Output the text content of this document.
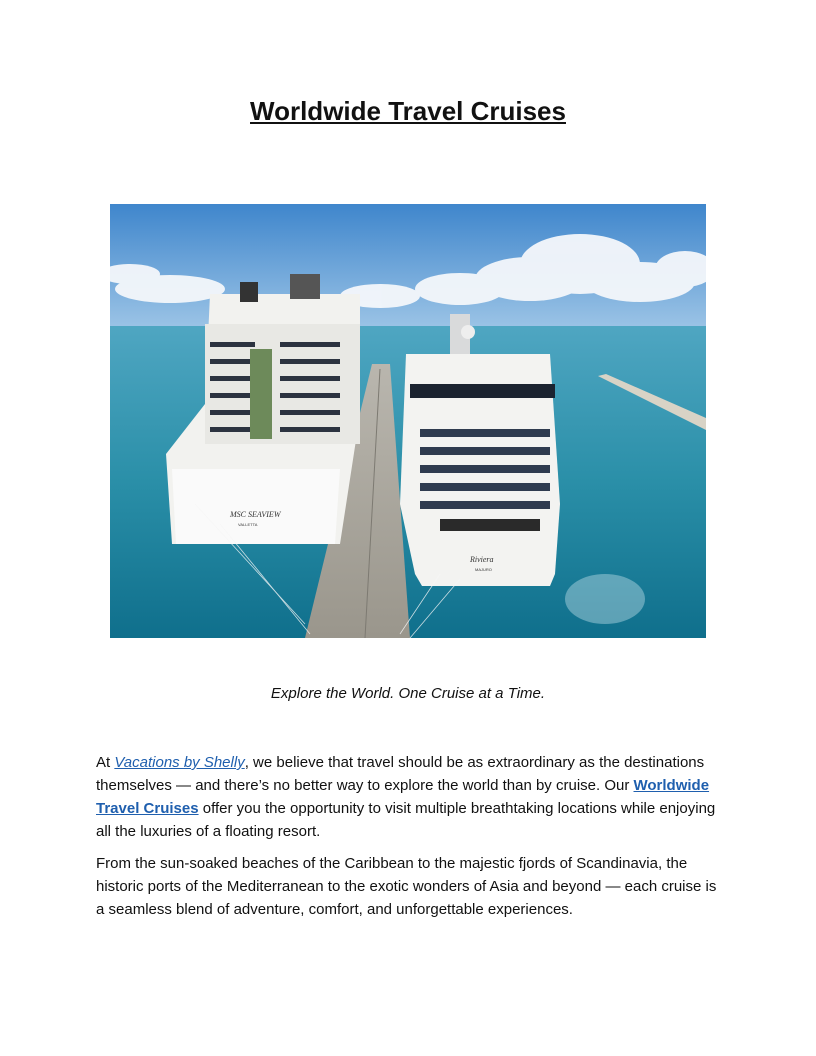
Worldwide Travel Cruises
MSC SEAVIEW
VALLETTA
Riviera
MAJURO

Explore the World. One Cruise at a Time.

At Vacations by Shelly, we believe that travel should be as extraordinary as the destinations themselves — and there’s no better way to explore the world than by cruise. Our Worldwide Travel Cruises offer you the opportunity to visit multiple breathtaking locations while enjoying all the luxuries of a floating resort.

From the sun-soaked beaches of the Caribbean to the majestic fjords of Scandinavia, the historic ports of the Mediterranean to the exotic wonders of Asia and beyond — each cruise is a seamless blend of adventure, comfort, and unforgettable experiences.
